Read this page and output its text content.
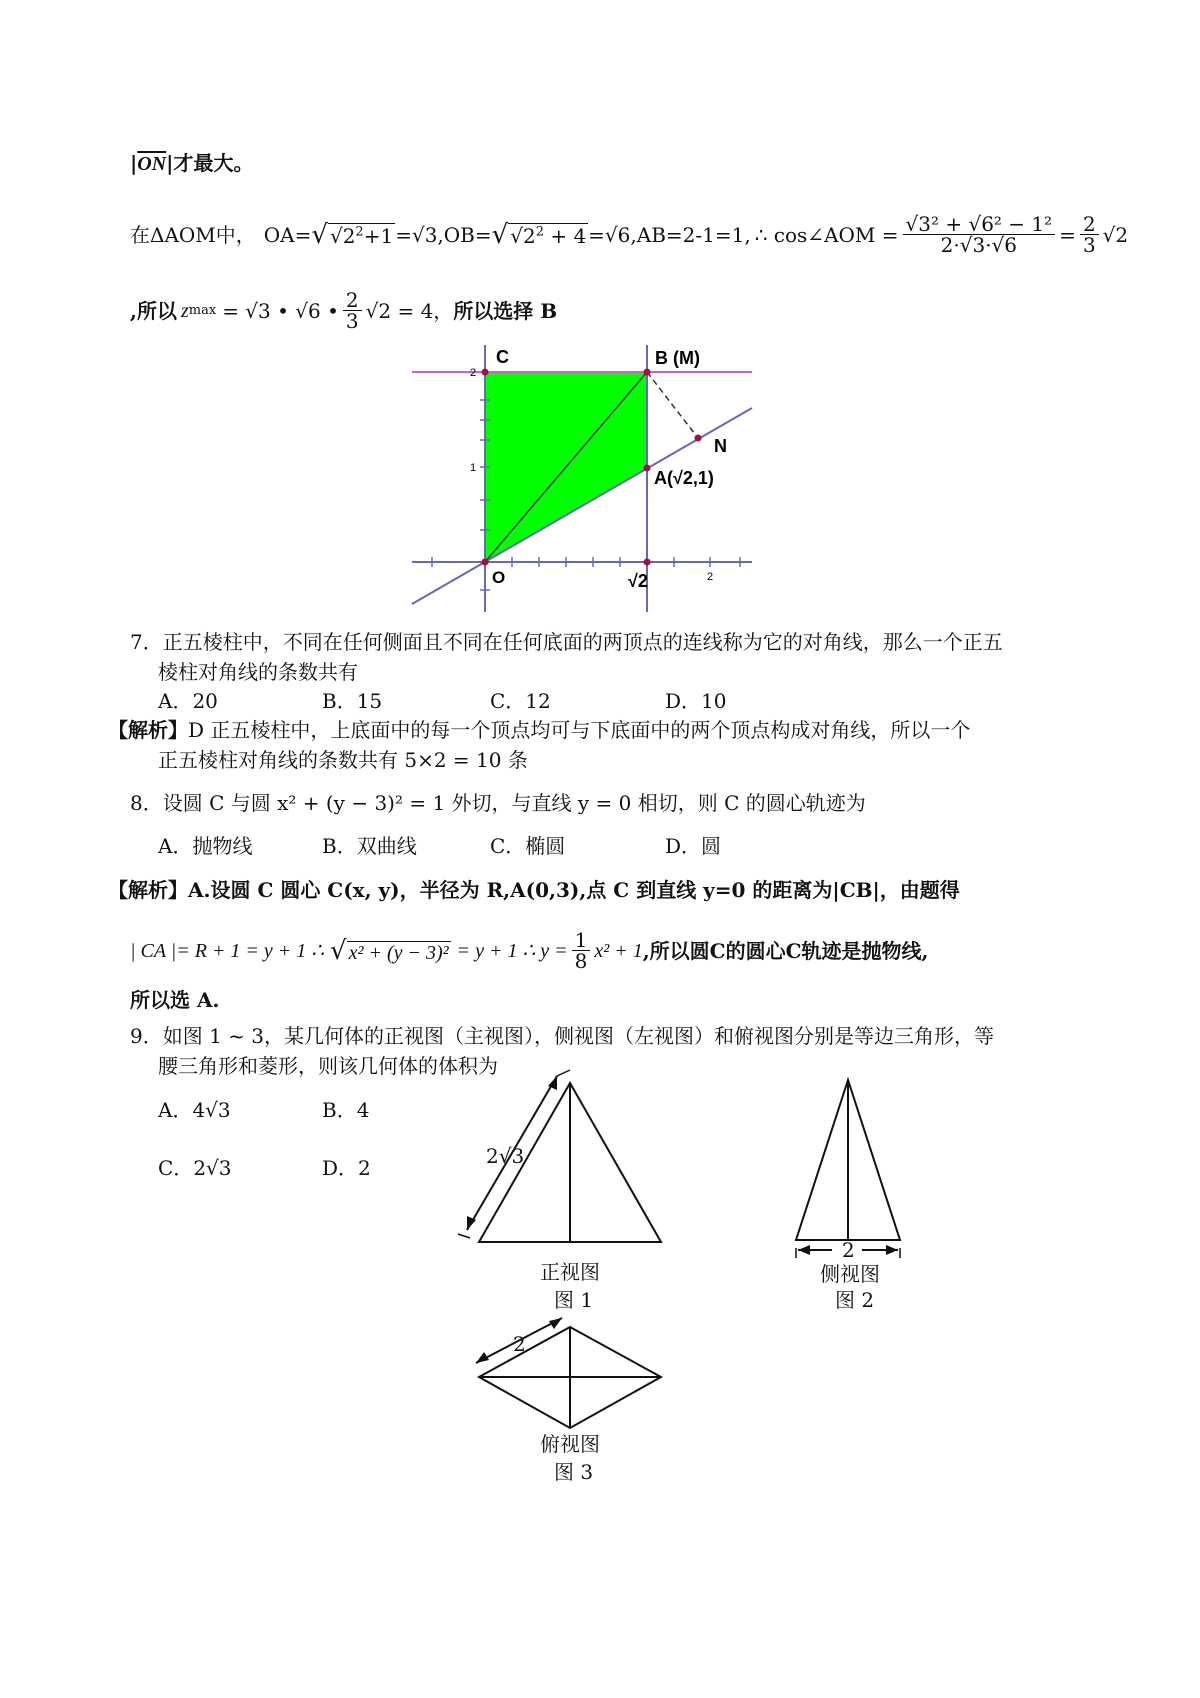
$|\overline{ON}|$才最大。
在ΔAOM中， OA= √ $√2^2+1 =√3$, OB= √ $√2^2 + 4 =√6$, AB=2-1=1, ∴ cos∠AOM = $\frac{\text{√3² + √6² − 1²}}{2\cdot√3\cdot√6} = \frac{2}{3} √2$
,所以 z max = √3 • √6 • $\frac{2}{3} √2 = 4$， 所以选择 B
C	B (M)
N
A(√2,1)
O	√2	2
2
1
7．正五棱柱中，不同在任何侧面且不同在任何底面的两顶点的连线称为它的对角线，那么一个正五
棱柱对角线的条数共有
A．20	B．15	C．12	D．10
【解析】D 正五棱柱中，上底面中的每一个顶点均可与下底面中的两个顶点构成对角线，所以一个
正五棱柱对角线的条数共有 5×2 = 10 条
8．设圆 C 与圆 x² + (y − 3)² = 1 外切，与直线 y = 0 相切，则 C 的圆心轨迹为
A．抛物线	B．双曲线	C．椭圆	D．圆
【解析】A.设圆 C 圆心 C(x, y)，半径为 R,A(0,3),点 C 到直线 y=0 的距离为|CB|，由题得
| CA |= R + 1 = y + 1 ∴ √ x² + (y − 3)² = y + 1 ∴ $y = \frac{1}{8} x^2 + 1$ ,所以圆C的圆心C轨迹是抛物线,
所以选 A.
9．如图 1 ~ 3，某几何体的正视图（主视图），侧视图（左视图）和俯视图分别是等边三角形，等
腰三角形和菱形，则该几何体的体积为
A．4√3	B．4
C．2√3	D．2	2√3
正视图
图 1
2
侧视图
图 2
2
俯视图
图 3
